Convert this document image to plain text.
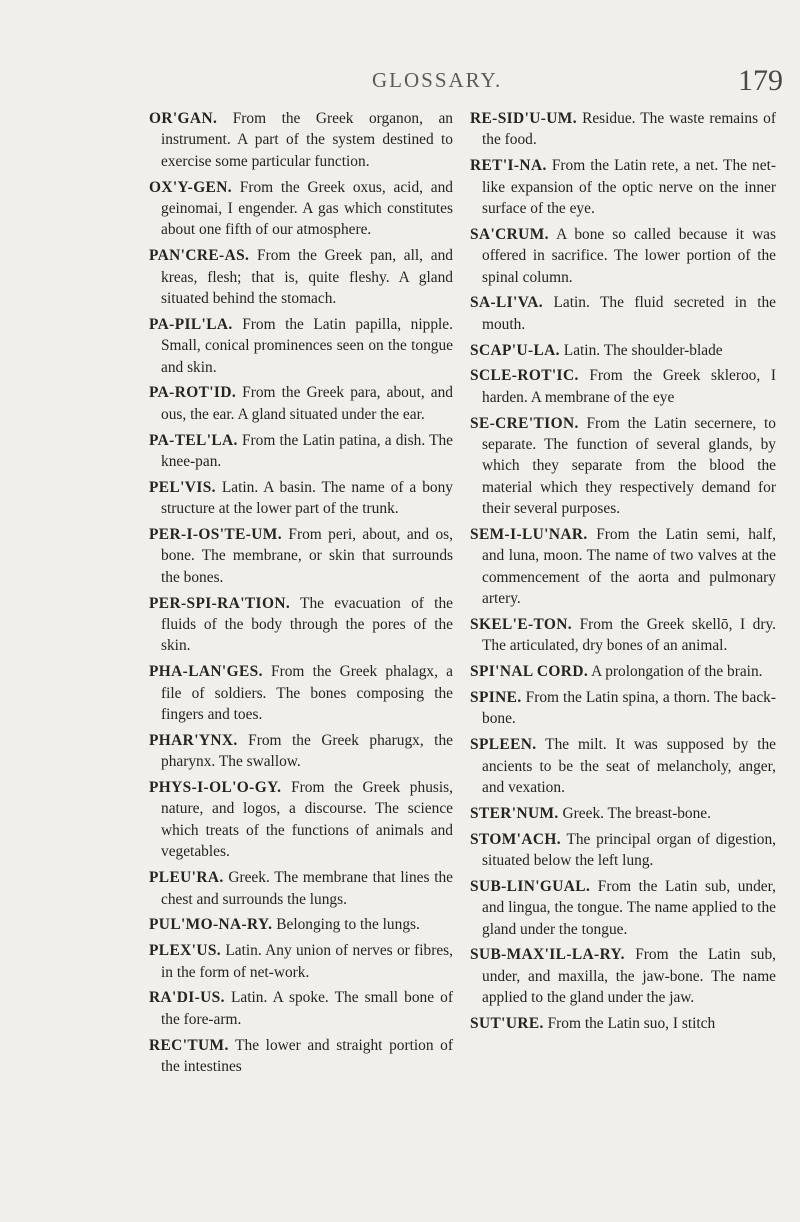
GLOSSARY.	179

OR'GAN. From the Greek organon, an instrument. A part of the system destined to exercise some particular function.

OX'Y-GEN. From the Greek oxus, acid, and geinomai, I engender. A gas which constitutes about one fifth of our atmosphere.

PAN'CRE-AS. From the Greek pan, all, and kreas, flesh; that is, quite fleshy. A gland situated behind the stomach.

PA-PIL'LA. From the Latin papilla, nipple. Small, conical prominences seen on the tongue and skin.

PA-ROT'ID. From the Greek para, about, and ous, the ear. A gland situated under the ear.

PA-TEL'LA. From the Latin patina, a dish. The knee-pan.

PEL'VIS. Latin. A basin. The name of a bony structure at the lower part of the trunk.

PER-I-OS'TE-UM. From peri, about, and os, bone. The membrane, or skin that surrounds the bones.

PER-SPI-RA'TION. The evacuation of the fluids of the body through the pores of the skin.

PHA-LAN'GES. From the Greek phalagx, a file of soldiers. The bones composing the fingers and toes.

PHAR'YNX. From the Greek pharugx, the pharynx. The swallow.

PHYS-I-OL'O-GY. From the Greek phusis, nature, and logos, a discourse. The science which treats of the functions of animals and vegetables.

PLEU'RA. Greek. The membrane that lines the chest and surrounds the lungs.

PUL'MO-NA-RY. Belonging to the lungs.

PLEX'US. Latin. Any union of nerves or fibres, in the form of net-work.

RA'DI-US. Latin. A spoke. The small bone of the fore-arm.

REC'TUM. The lower and straight portion of the intestines

RE-SID'U-UM. Residue. The waste remains of the food.

RET'I-NA. From the Latin rete, a net. The net-like expansion of the optic nerve on the inner surface of the eye.

SA'CRUM. A bone so called because it was offered in sacrifice. The lower portion of the spinal column.

SA-LI'VA. Latin. The fluid secreted in the mouth.

SCAP'U-LA. Latin. The shoulder-blade

SCLE-ROT'IC. From the Greek skleroo, I harden. A membrane of the eye

SE-CRE'TION. From the Latin secernere, to separate. The function of several glands, by which they separate from the blood the material which they respectively demand for their several purposes.

SEM-I-LU'NAR. From the Latin semi, half, and luna, moon. The name of two valves at the commencement of the aorta and pulmonary artery.

SKEL'E-TON. From the Greek skellō, I dry. The articulated, dry bones of an animal.

SPI'NAL CORD. A prolongation of the brain.

SPINE. From the Latin spina, a thorn. The back-bone.

SPLEEN. The milt. It was supposed by the ancients to be the seat of melancholy, anger, and vexation.

STER'NUM. Greek. The breast-bone.

STOM'ACH. The principal organ of digestion, situated below the left lung.

SUB-LIN'GUAL. From the Latin sub, under, and lingua, the tongue. The name applied to the gland under the tongue.

SUB-MAX'IL-LA-RY. From the Latin sub, under, and maxilla, the jaw-bone. The name applied to the gland under the jaw.

SUT'URE. From the Latin suo, I stitch
